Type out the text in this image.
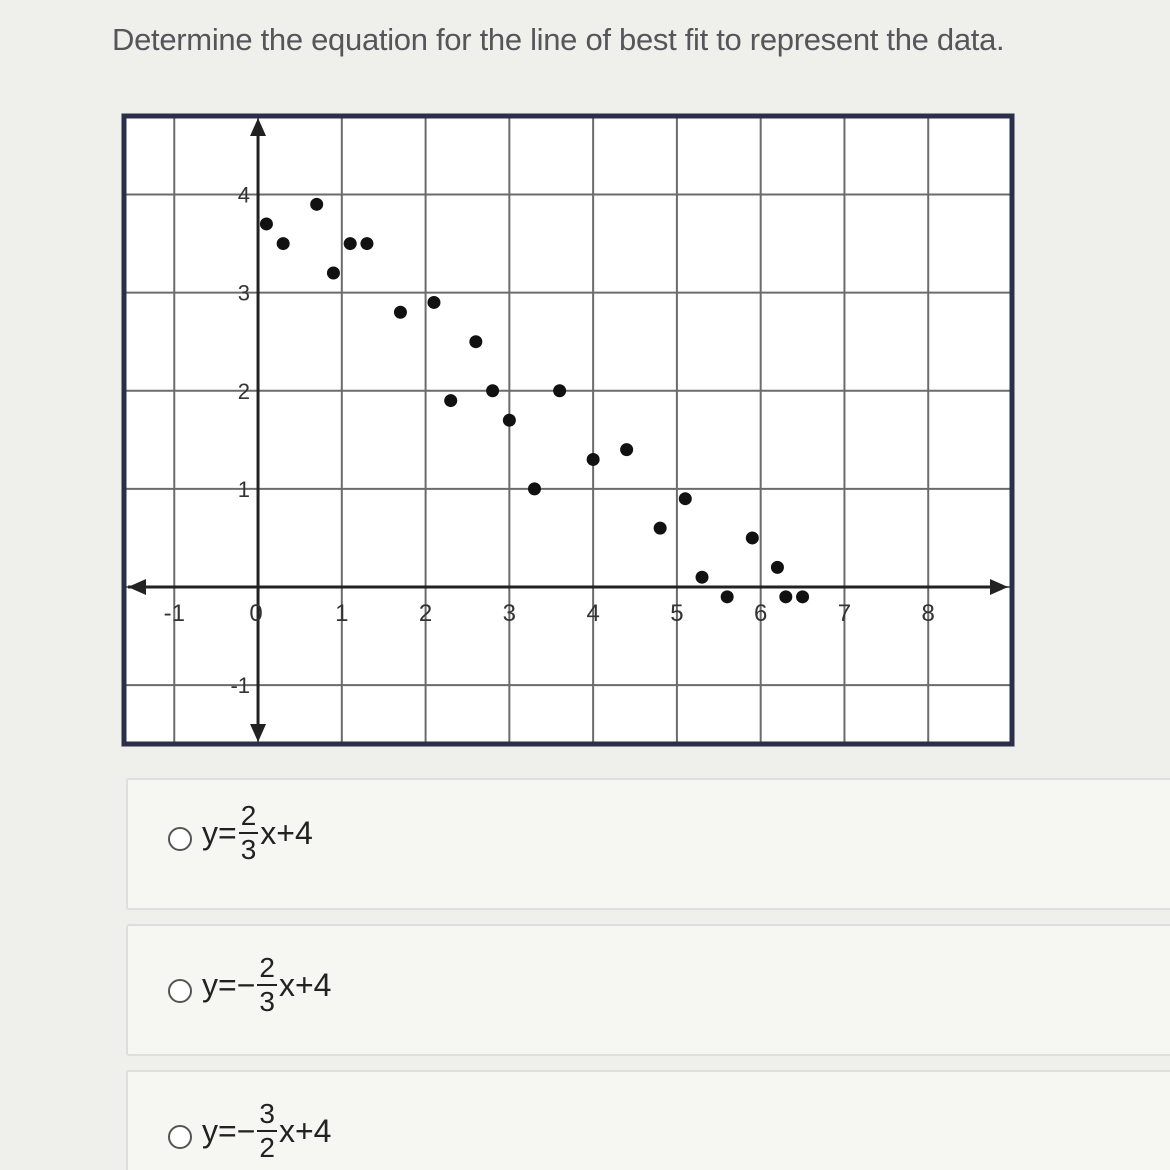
Determine the equation for the line of best fit to represent the data.
-1	0	1	2	3	4	5	6	7	8
-1
1
2
3
4
$y= \frac{2}{3} x+4$
$y= - \frac{2}{3} x+4$
$y= - \frac{3}{2} x+4$
